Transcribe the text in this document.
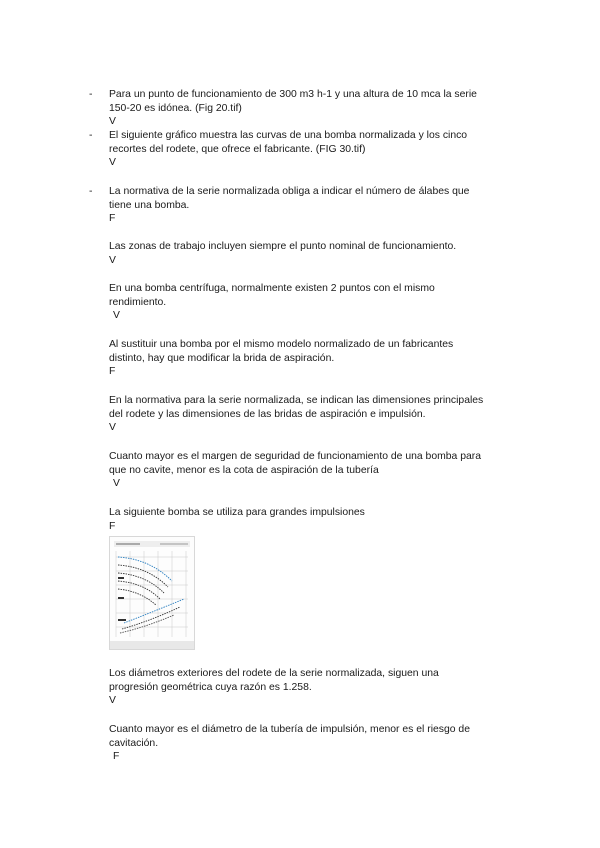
- Para un punto de funcionamiento de 300 m3 h-1 y una altura de 10 mca la serie
150-20 es idónea. (Fig 20.tif)
V
- El siguiente gráfico muestra las curvas de una bomba normalizada y los cinco
recortes del rodete, que ofrece el fabricante. (FIG 30.tif)
V
- La normativa de la serie normalizada obliga a indicar el número de álabes que
tiene una bomba.
F
Las zonas de trabajo incluyen siempre el punto nominal de funcionamiento.
V
En una bomba centrífuga, normalmente existen 2 puntos con el mismo
rendimiento.
V
Al sustituir una bomba por el mismo modelo normalizado de un fabricantes
distinto, hay que modificar la brida de aspiración.
F
En la normativa para la serie normalizada, se indican las dimensiones principales
del rodete y las dimensiones de las bridas de aspiración e impulsión.
V
Cuanto mayor es el margen de seguridad de funcionamiento de una bomba para
que no cavite, menor es la cota de aspiración de la tubería
V
La siguiente bomba se utiliza para grandes impulsiones
F
Los diámetros exteriores del rodete de la serie normalizada, siguen una
progresión geométrica cuya razón es 1.258.
V
Cuanto mayor es el diámetro de la tubería de impulsión, menor es el riesgo de
cavitación.
F
